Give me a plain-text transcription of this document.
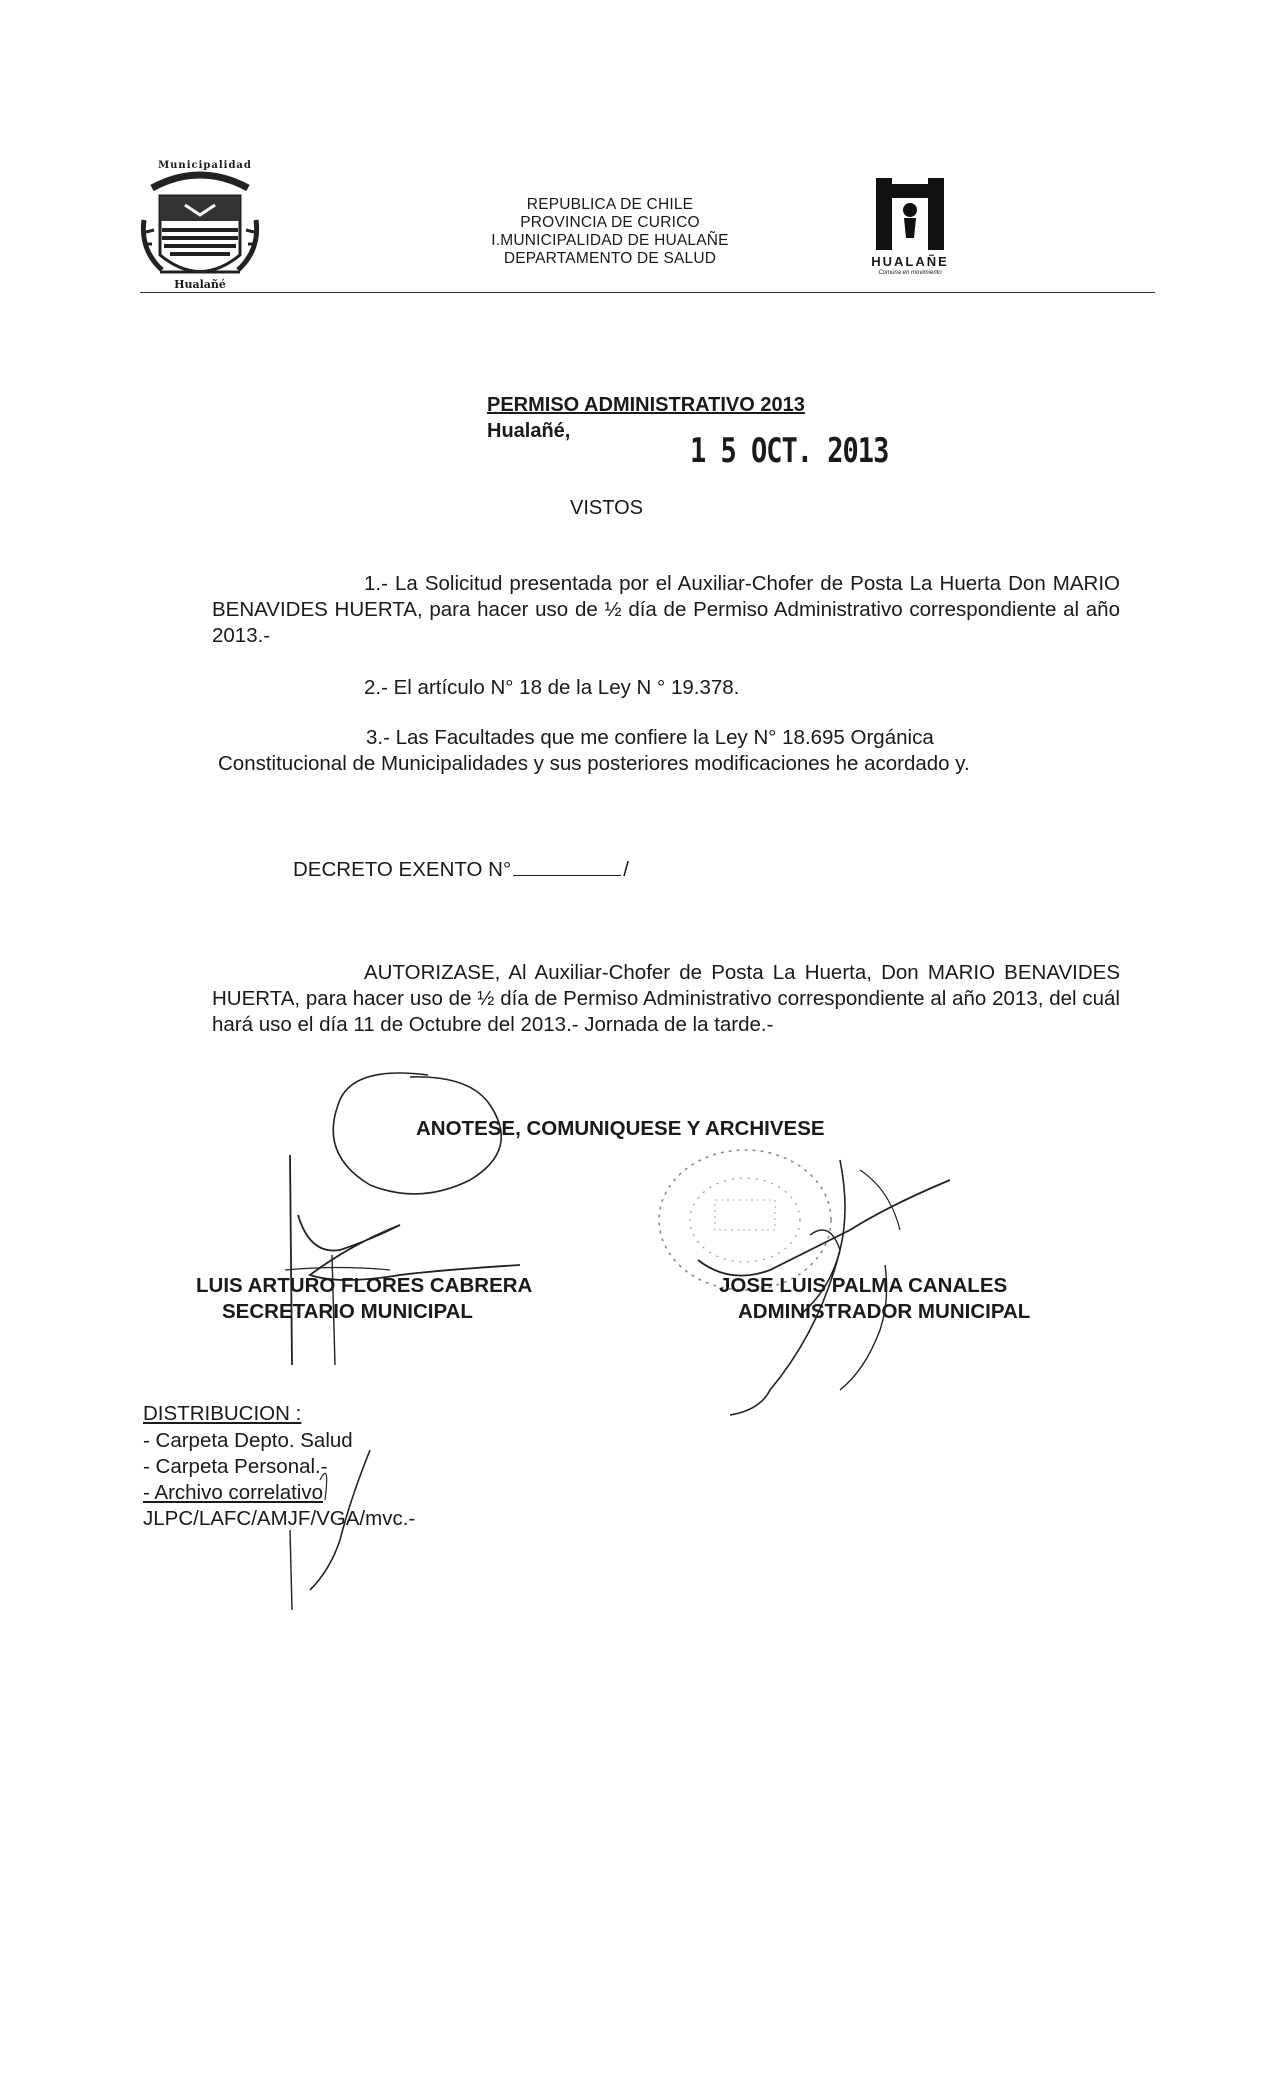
Municipalidad
Hualañé
REPUBLICA DE CHILE
PROVINCIA DE CURICO
I.MUNICIPALIDAD DE HUALAÑE
DEPARTAMENTO DE SALUD	HUALAÑE
Comuna en movimiento
PERMISO ADMINISTRATIVO 2013
Hualañé,
1 5 OCT. 2013
VISTOS
1.- La Solicitud presentada por el Auxiliar-Chofer de Posta La Huerta Don MARIO BENAVIDES HUERTA, para hacer uso de ½ día de Permiso Administrativo correspondiente al año 2013.-
2.- El artículo N° 18 de la Ley N ° 19.378.
3.- Las Facultades que me confiere la Ley N° 18.695 Orgánica
Constitucional de Municipalidades y sus posteriores modificaciones he acordado y.
DECRETO EXENTO N°	/
AUTORIZASE, Al Auxiliar-Chofer de Posta La Huerta, Don MARIO BENAVIDES HUERTA, para hacer uso de ½ día de Permiso Administrativo correspondiente al año 2013, del cuál hará uso el día 11 de Octubre del 2013.- Jornada de la tarde.-
ANOTESE, COMUNIQUESE Y ARCHIVESE
LUIS ARTURO FLORES CABRERA
SECRETARIO MUNICIPAL
JOSE LUIS PALMA CANALES
ADMINISTRADOR MUNICIPAL
DISTRIBUCION :
- Carpeta Depto. Salud
- Carpeta Personal.-
- Archivo correlativo
JLPC/LAFC/AMJF/VGA/mvc.-
